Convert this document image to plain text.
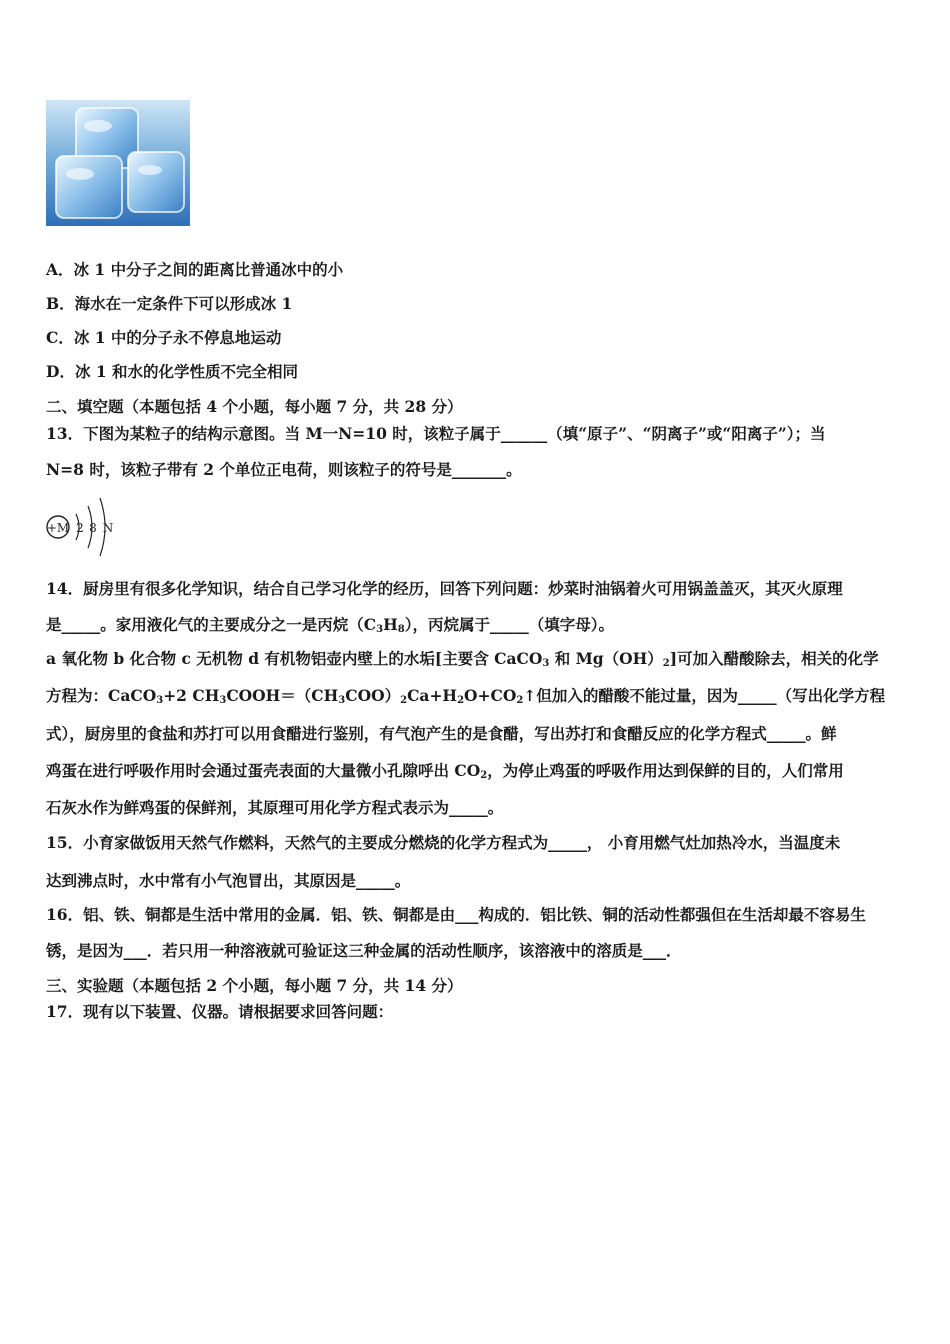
A．冰 1 中分子之间的距离比普通冰中的小
B．海水在一定条件下可以形成冰 1
C．冰 1 中的分子永不停息地运动
D．冰 1 和水的化学性质不完全相同
二、填空题（本题包括 4 个小题，每小题 7 分，共 28 分）
13．下图为某粒子的结构示意图。当 M一N=10 时，该粒子属于______（填“原子”、“阴离子”或“阳离子”）；当
N=8 时，该粒子带有 2 个单位正电荷，则该粒子的符号是_______。
+M 2 8 N
14．厨房里有很多化学知识，结合自己学习化学的经历，回答下列问题：炒菜时油锅着火可用锅盖盖灭，其灭火原理
是_____。家用液化气的主要成分之一是丙烷$(C_3H_8)$，丙烷属于_____（填字母）。
a 氧化物 b 化合物 c 无机物 d 有机物铝壶内壁上的水垢[主要含 CaCO$_3$ 和 $Mg(OH)_2$]可加入醋酸除去，相关的化学
方程为：CaCO$_3$+2 $CH_3COOH=(CH_3COO)_2Ca+H_2O+CO_2↑$但加入的醋酸不能过量，因为_____（写出化学方程
式），厨房里的食盐和苏打可以用食醋进行鉴别，有气泡产生的是食醋，写出苏打和食醋反应的化学方程式_____。鲜
鸡蛋在进行呼吸作用时会通过蛋壳表面的大量微小孔隙呼出 $CO_2$，为停止鸡蛋的呼吸作用达到保鲜的目的，人们常用
石灰水作为鲜鸡蛋的保鲜剂，其原理可用化学方程式表示为_____。
15．小育家做饭用天然气作燃料，天然气的主要成分燃烧的化学方程式为_____， 小育用燃气灶加热冷水，当温度未
达到沸点时，水中常有小气泡冒出，其原因是_____。
16．铝、铁、铜都是生活中常用的金属．铝、铁、铜都是由___构成的．铝比铁、铜的活动性都强但在生活却最不容易生
锈，是因为___．若只用一种溶液就可验证这三种金属的活动性顺序，该溶液中的溶质是___．
三、实验题（本题包括 2 个小题，每小题 7 分，共 14 分）
17．现有以下装置、仪器。请根据要求回答问题：
